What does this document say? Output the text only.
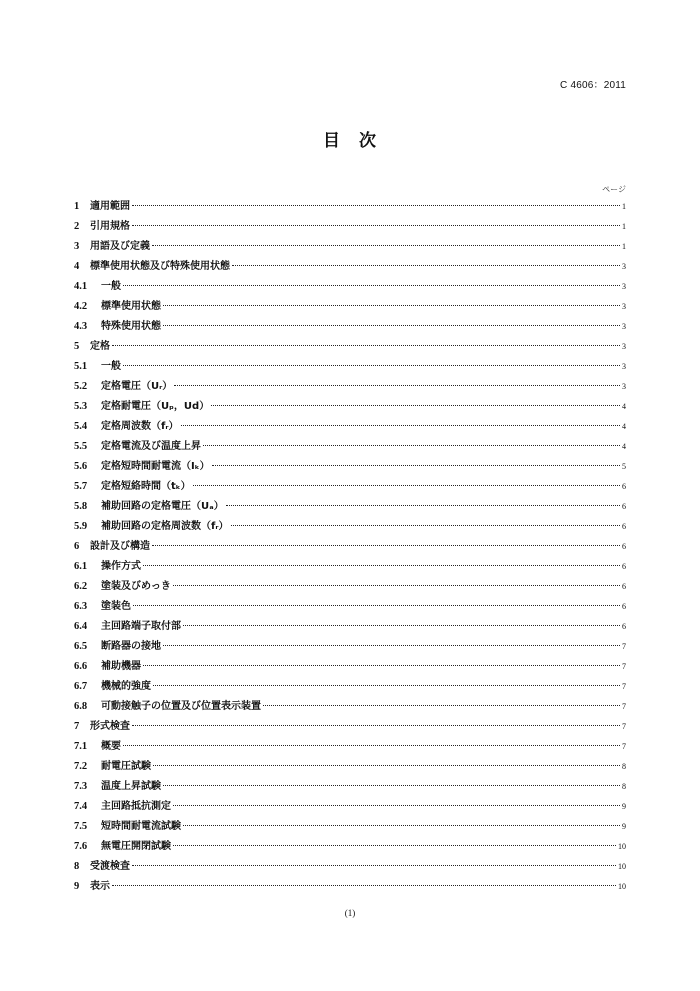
C 4606：2011
目　次
ページ
1	適用範囲	1
2	引用規格	1
3	用語及び定義	1
4	標準使用状態及び特殊使用状態	3
4.1	一般	3
4.2	標準使用状態	3
4.3	特殊使用状態	3
5	定格	3
5.1	一般	3
5.2	定格電圧（Uᵣ）	3
5.3	定格耐電圧（Uₚ，Ud）	4
5.4	定格周波数（fᵣ）	4
5.5	定格電流及び温度上昇	4
5.6	定格短時間耐電流（Iₖ）	5
5.7	定格短絡時間（tₖ）	6
5.8	補助回路の定格電圧（Uₐ）	6
5.9	補助回路の定格周波数（fᵣ）	6
6	設計及び構造	6
6.1	操作方式	6
6.2	塗装及びめっき	6
6.3	塗装色	6
6.4	主回路端子取付部	6
6.5	断路器の接地	7
6.6	補助機器	7
6.7	機械的強度	7
6.8	可動接触子の位置及び位置表示装置	7
7	形式検査	7
7.1	概要	7
7.2	耐電圧試験	8
7.3	温度上昇試験	8
7.4	主回路抵抗測定	9
7.5	短時間耐電流試験	9
7.6	無電圧開閉試験	10
8	受渡検査	10
9	表示	10
(1)
